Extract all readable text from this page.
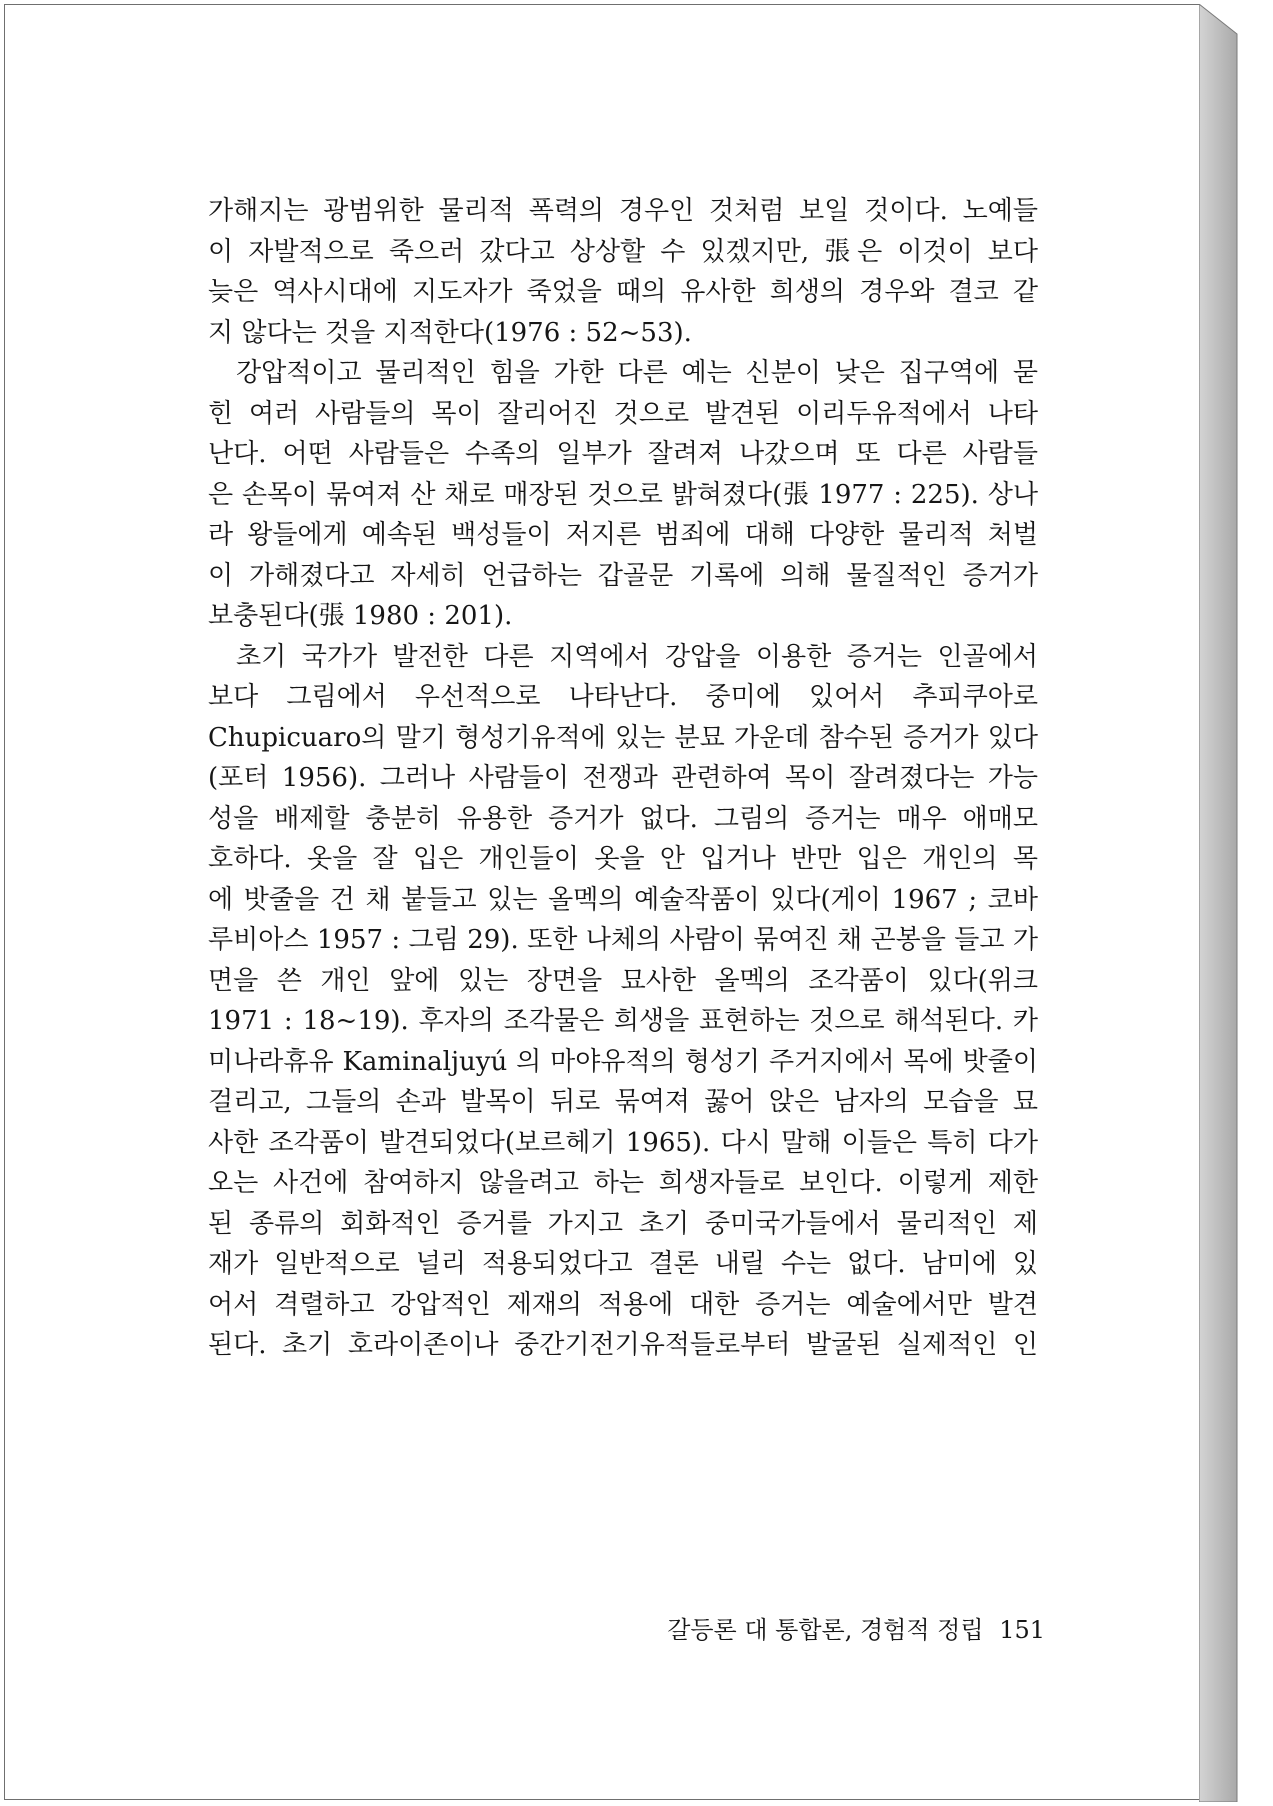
가해지는 광범위한 물리적 폭력의 경우인 것처럼 보일 것이다. 노예들
이 자발적으로 죽으러 갔다고 상상할 수 있겠지만, 張은 이것이 보다
늦은 역사시대에 지도자가 죽었을 때의 유사한 희생의 경우와 결코 같
지 않다는 것을 지적한다(1976 : 52~53).
강압적이고 물리적인 힘을 가한 다른 예는 신분이 낮은 집구역에 묻
힌 여러 사람들의 목이 잘리어진 것으로 발견된 이리두유적에서 나타
난다. 어떤 사람들은 수족의 일부가 잘려져 나갔으며 또 다른 사람들
은 손목이 묶여져 산 채로 매장된 것으로 밝혀졌다(張 1977 : 225). 상나
라 왕들에게 예속된 백성들이 저지른 범죄에 대해 다양한 물리적 처벌
이 가해졌다고 자세히 언급하는 갑골문 기록에 의해 물질적인 증거가
보충된다(張 1980 : 201).
초기 국가가 발전한 다른 지역에서 강압을 이용한 증거는 인골에서
보다 그림에서 우선적으로 나타난다. 중미에 있어서 추피쿠아로
Chupicuaro의 말기 형성기유적에 있는 분묘 가운데 참수된 증거가 있다
(포터 1956). 그러나 사람들이 전쟁과 관련하여 목이 잘려졌다는 가능
성을 배제할 충분히 유용한 증거가 없다. 그림의 증거는 매우 애매모
호하다. 옷을 잘 입은 개인들이 옷을 안 입거나 반만 입은 개인의 목
에 밧줄을 건 채 붙들고 있는 올멕의 예술작품이 있다(게이 1967 ; 코바
루비아스 1957 : 그림 29). 또한 나체의 사람이 묶여진 채 곤봉을 들고 가
면을 쓴 개인 앞에 있는 장면을 묘사한 올멕의 조각품이 있다(위크
1971 : 18~19). 후자의 조각물은 희생을 표현하는 것으로 해석된다. 카
미나라휴유 Kaminaljuyú 의 마야유적의 형성기 주거지에서 목에 밧줄이
걸리고, 그들의 손과 발목이 뒤로 묶여져 꿇어 앉은 남자의 모습을 묘
사한 조각품이 발견되었다(보르헤기 1965). 다시 말해 이들은 특히 다가
오는 사건에 참여하지 않을려고 하는 희생자들로 보인다. 이렇게 제한
된 종류의 회화적인 증거를 가지고 초기 중미국가들에서 물리적인 제
재가 일반적으로 널리 적용되었다고 결론 내릴 수는 없다. 남미에 있
어서 격렬하고 강압적인 제재의 적용에 대한 증거는 예술에서만 발견
된다. 초기 호라이존이나 중간기전기유적들로부터 발굴된 실제적인 인
갈등론 대 통합론, 경험적 정립 151
